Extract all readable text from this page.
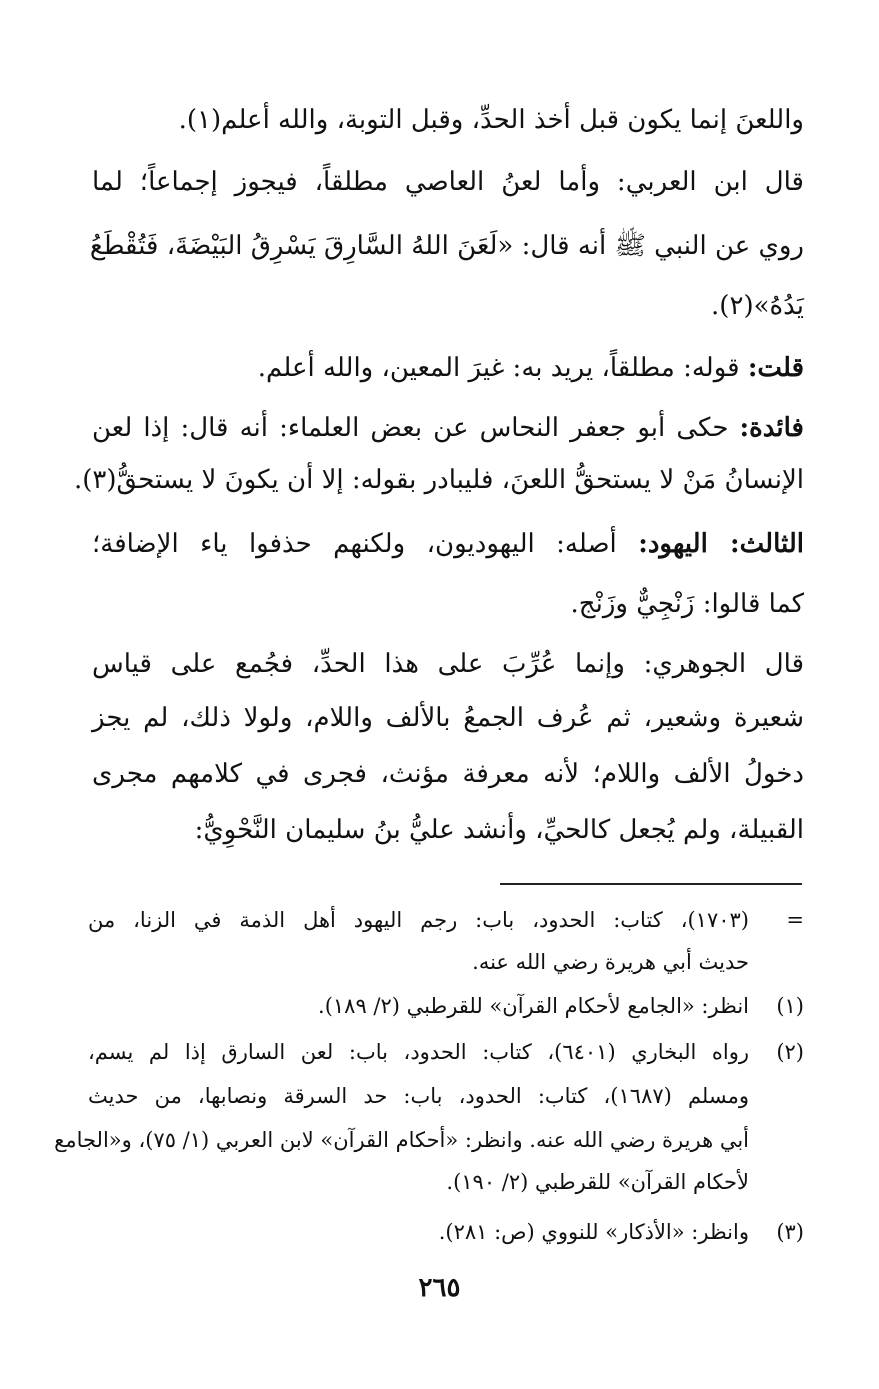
واللعنَ إنما يكون قبل أخذ الحدِّ، وقبل التوبة، والله أعلم(١).
قال ابن العربي: وأما لعنُ العاصي مطلقاً، فيجوز إجماعاً؛ لما
روي عن النبي ﷺ أنه قال: «لَعَنَ اللهُ السَّارِقَ يَسْرِقُ البَيْضَةَ، فَتُقْطَعُ
يَدُهُ»(٢).
قلت: قوله: مطلقاً، يريد به: غيرَ المعين، والله أعلم.
فائدة: حكى أبو جعفر النحاس عن بعض العلماء: أنه قال: إذا لعن
الإنسانُ مَنْ لا يستحقُّ اللعنَ، فليبادر بقوله: إلا أن يكونَ لا يستحقُّ(٣).
الثالث: اليهود: أصله: اليهوديون، ولكنهم حذفوا ياء الإضافة؛
كما قالوا: زَنْجِيٌّ وزَنْج.
قال الجوهري: وإنما عُرِّبَ على هذا الحدِّ، فجُمع على قياس
شعيرة وشعير، ثم عُرف الجمعُ بالألف واللام، ولولا ذلك، لم يجز
دخولُ الألف واللام؛ لأنه معرفة مؤنث، فجرى في كلامهم مجرى
القبيلة، ولم يُجعل كالحيِّ، وأنشد عليُّ بنُ سليمان النَّحْوِيُّ:
=
(١٧٠٣)، كتاب: الحدود، باب: رجم اليهود أهل الذمة في الزنا، من
حديث أبي هريرة رضي الله عنه.
(١)
انظر: «الجامع لأحكام القرآن» للقرطبي (٢/ ١٨٩).
(٢)
رواه البخاري (٦٤٠١)، كتاب: الحدود، باب: لعن السارق إذا لم يسم،
ومسلم (١٦٨٧)، كتاب: الحدود، باب: حد السرقة ونصابها، من حديث
أبي هريرة رضي الله عنه. وانظر: «أحكام القرآن» لابن العربي (١/ ٧٥)، و«الجامع
لأحكام القرآن» للقرطبي (٢/ ١٩٠).
(٣)
وانظر: «الأذكار» للنووي (ص: ٢٨١).
٢٦٥
